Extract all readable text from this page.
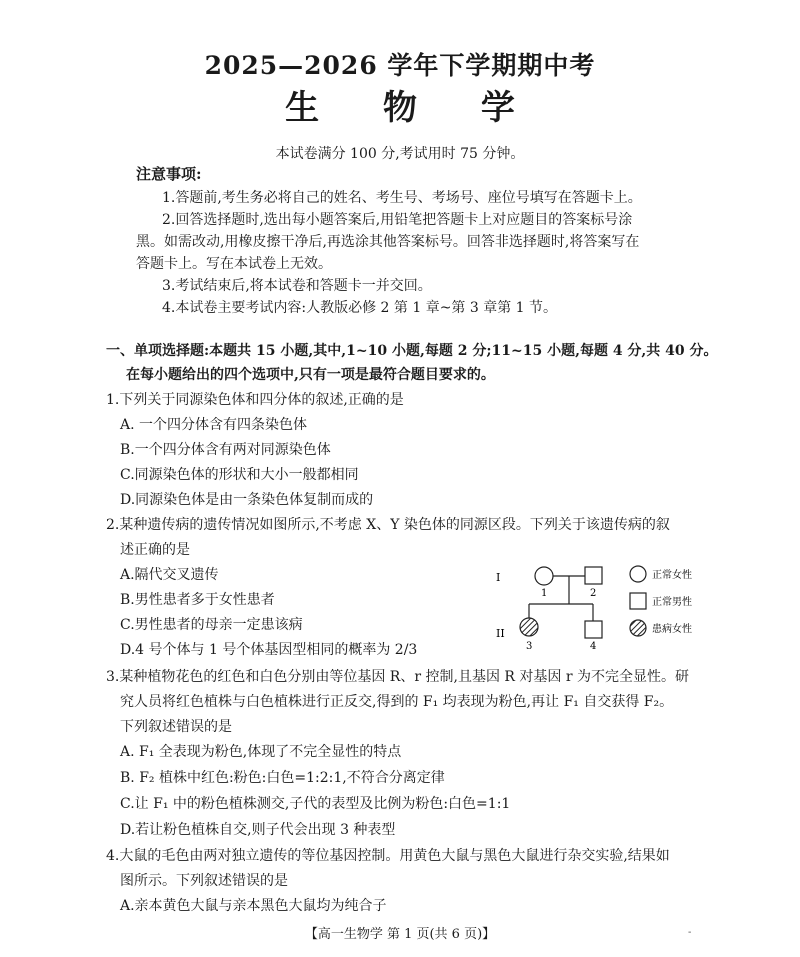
2025—2026 学年下学期期中考
生 物 学
本试卷满分 100 分,考试用时 75 分钟。
注意事项:
1.答题前,考生务必将自己的姓名、考生号、考场号、座位号填写在答题卡上。
2.回答选择题时,选出每小题答案后,用铅笔把答题卡上对应题目的答案标号涂
黑。如需改动,用橡皮擦干净后,再选涂其他答案标号。回答非选择题时,将答案写在
答题卡上。写在本试卷上无效。
3.考试结束后,将本试卷和答题卡一并交回。
4.本试卷主要考试内容:人教版必修 2 第 1 章~第 3 章第 1 节。
一、单项选择题:本题共 15 小题,其中,1~10 小题,每题 2 分;11~15 小题,每题 4 分,共 40 分。
在每小题给出的四个选项中,只有一项是最符合题目要求的。
1.下列关于同源染色体和四分体的叙述,正确的是
A. 一个四分体含有四条染色体
B.一个四分体含有两对同源染色体
C.同源染色体的形状和大小一般都相同
D.同源染色体是由一条染色体复制而成的
2.某种遗传病的遗传情况如图所示,不考虑 X、Y 染色体的同源区段。下列关于该遗传病的叙
述正确的是
A.隔代交叉遗传
B.男性患者多于女性患者
C.男性患者的母亲一定患该病
D.4 号个体与 1 号个体基因型相同的概率为 2/3
I
II
1	2
3	4
正常女性
正常男性
患病女性
3.某种植物花色的红色和白色分别由等位基因 R、r 控制,且基因 R 对基因 r 为不完全显性。研
究人员将红色植株与白色植株进行正反交,得到的 F₁ 均表现为粉色,再让 F₁ 自交获得 F₂。
下列叙述错误的是
A. F₁ 全表现为粉色,体现了不完全显性的特点
B. F₂ 植株中红色:粉色:白色=1:2:1,不符合分离定律
C.让 F₁ 中的粉色植株测交,子代的表型及比例为粉色:白色=1:1
D.若让粉色植株自交,则子代会出现 3 种表型
4.大鼠的毛色由两对独立遗传的等位基因控制。用黄色大鼠与黑色大鼠进行杂交实验,结果如
图所示。下列叙述错误的是
A.亲本黄色大鼠与亲本黑色大鼠均为纯合子
【高一生物学 第 1 页(共 6 页)】	-
